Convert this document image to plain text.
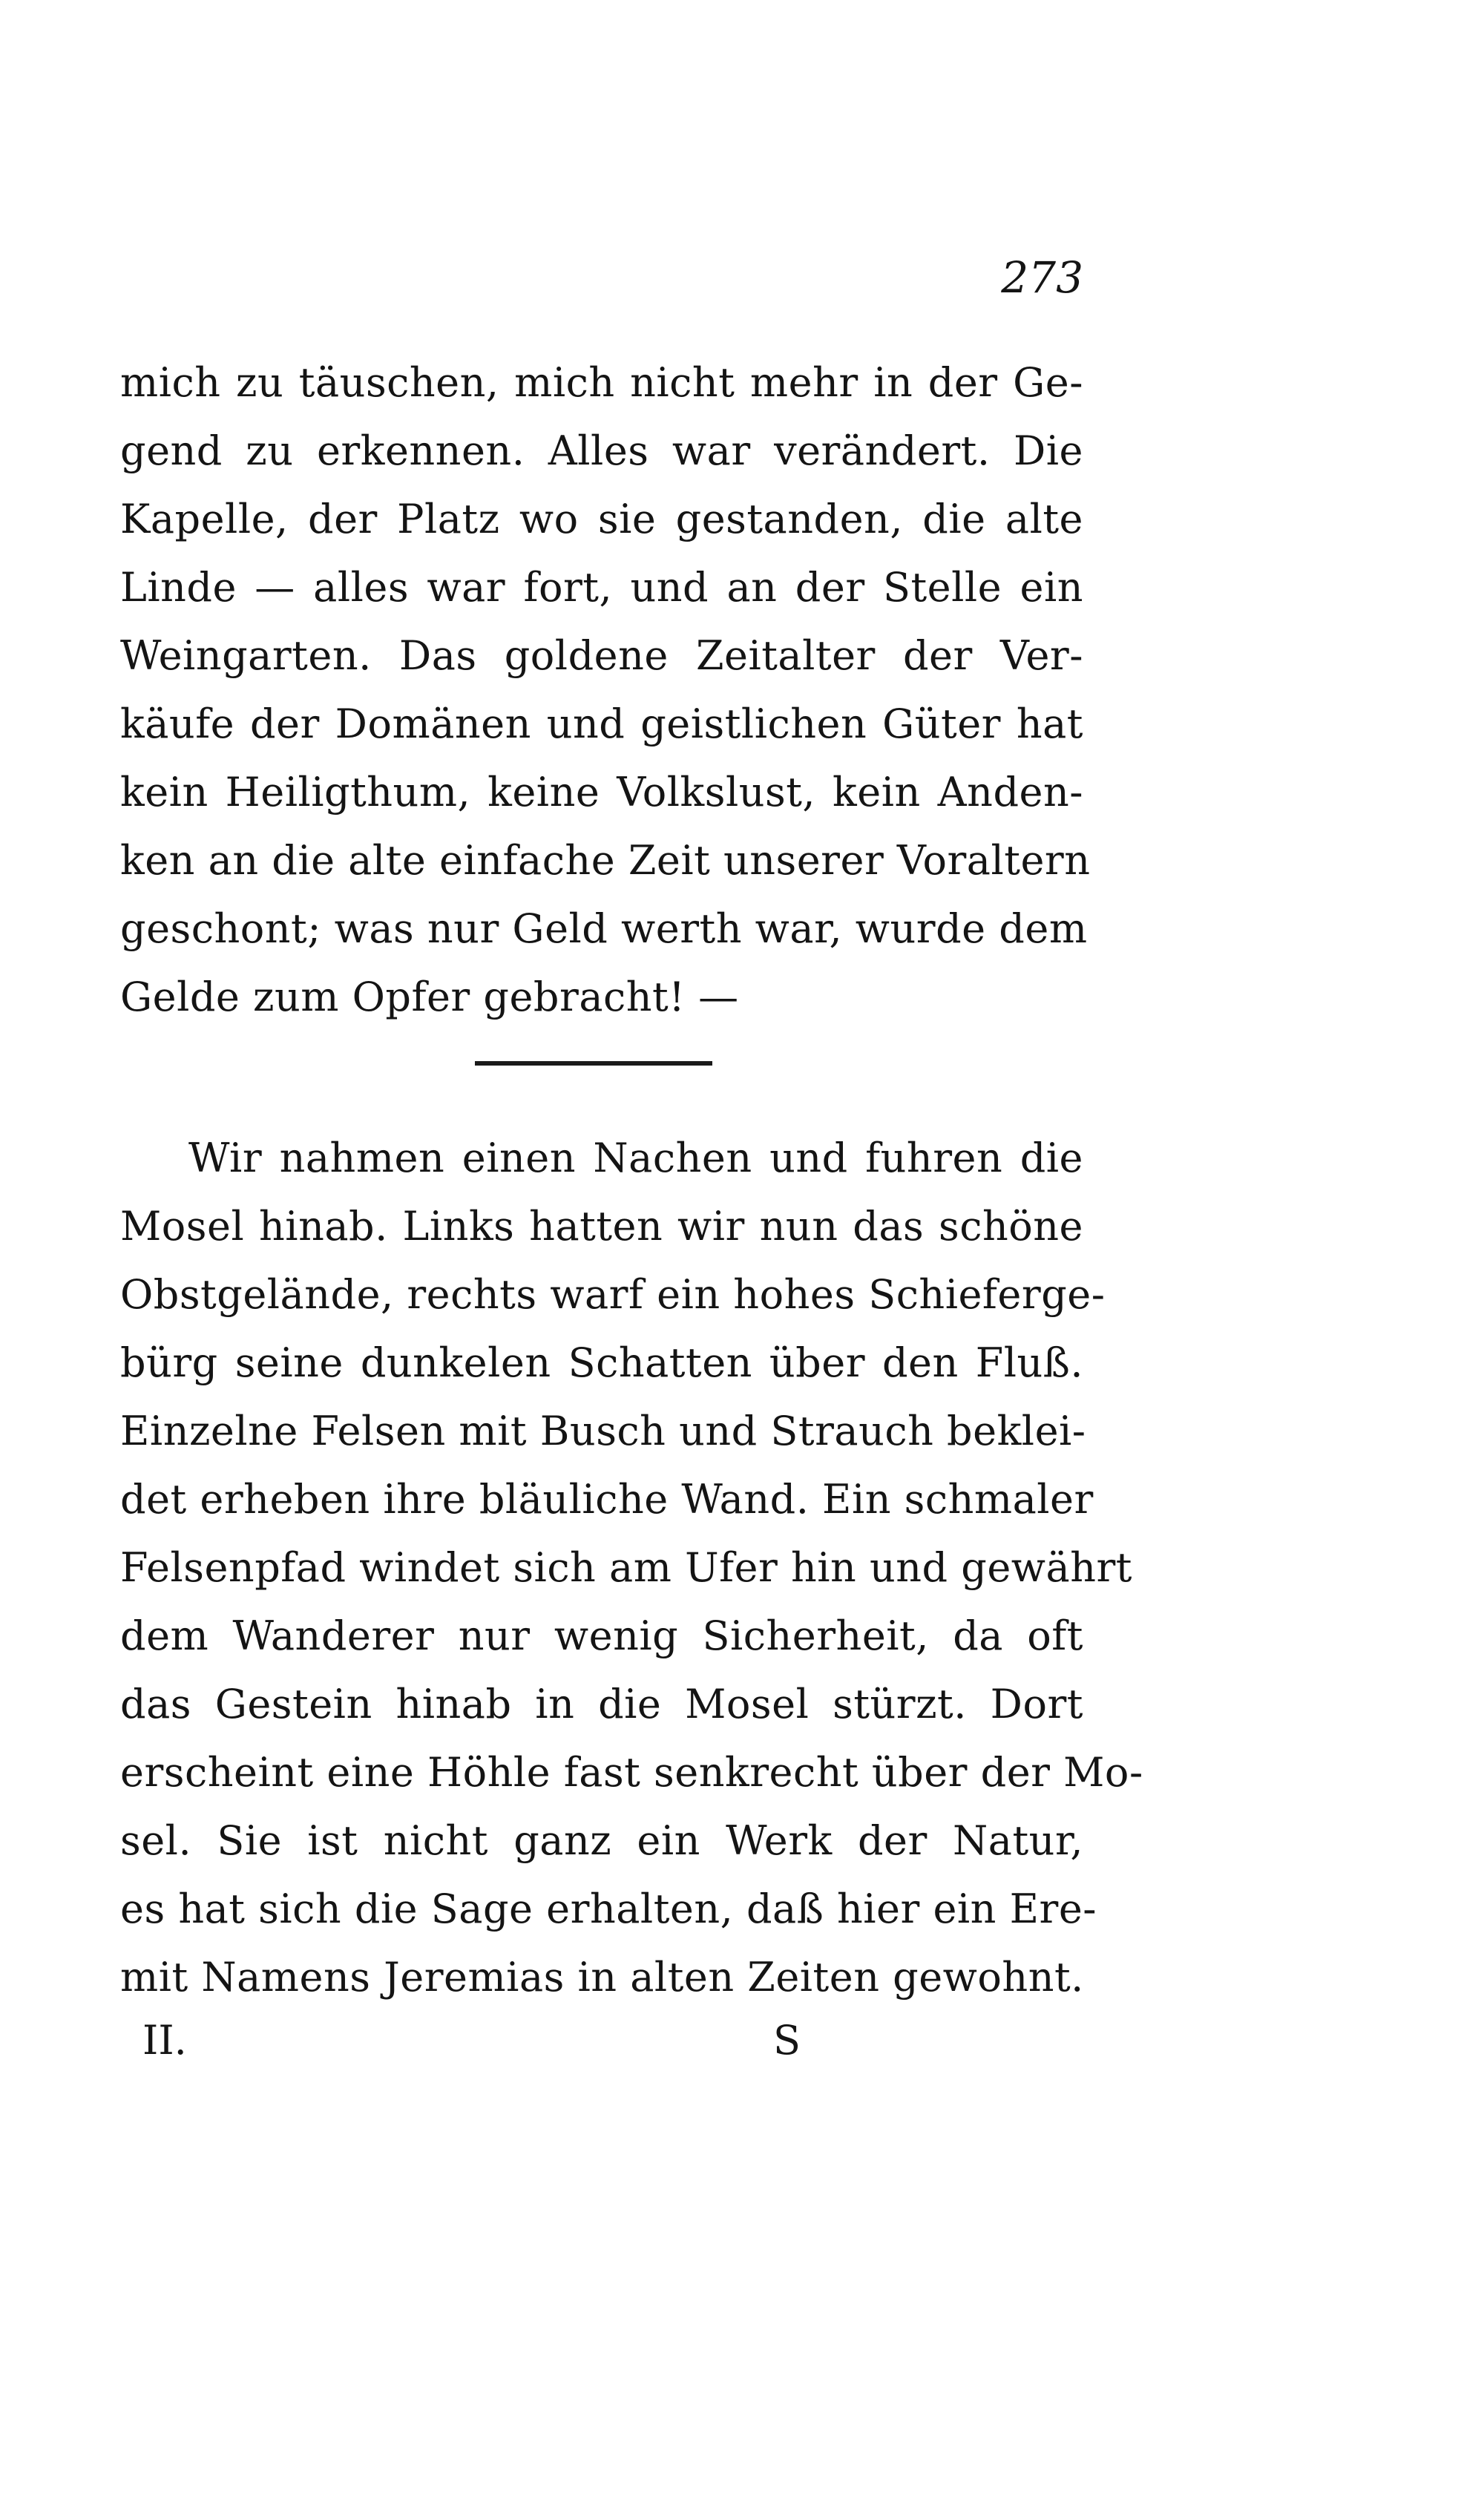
273
mich zu täuschen, mich nicht mehr in der Ge-
gend zu erkennen. Alles war verändert. Die
Kapelle, der Platz wo sie gestanden, die alte
Linde — alles war fort, und an der Stelle ein
Weingarten. Das goldene Zeitalter der Ver-
käufe der Domänen und geistlichen Güter hat
kein Heiligthum, keine Volkslust, kein Anden-
ken an die alte einfache Zeit unserer Voraltern
geschont; was nur Geld werth war, wurde dem
Gelde zum Opfer gebracht! —
Wir nahmen einen Nachen und fuhren die
Mosel hinab. Links hatten wir nun das schöne
Obstgelände, rechts warf ein hohes Schieferge-
bürg seine dunkelen Schatten über den Fluß.
Einzelne Felsen mit Busch und Strauch beklei-
det erheben ihre bläuliche Wand. Ein schmaler
Felsenpfad windet sich am Ufer hin und gewährt
dem Wanderer nur wenig Sicherheit, da oft
das Gestein hinab in die Mosel stürzt. Dort
erscheint eine Höhle fast senkrecht über der Mo-
sel. Sie ist nicht ganz ein Werk der Natur,
es hat sich die Sage erhalten, daß hier ein Ere-
mit Namens Jeremias in alten Zeiten gewohnt.
II.	S
